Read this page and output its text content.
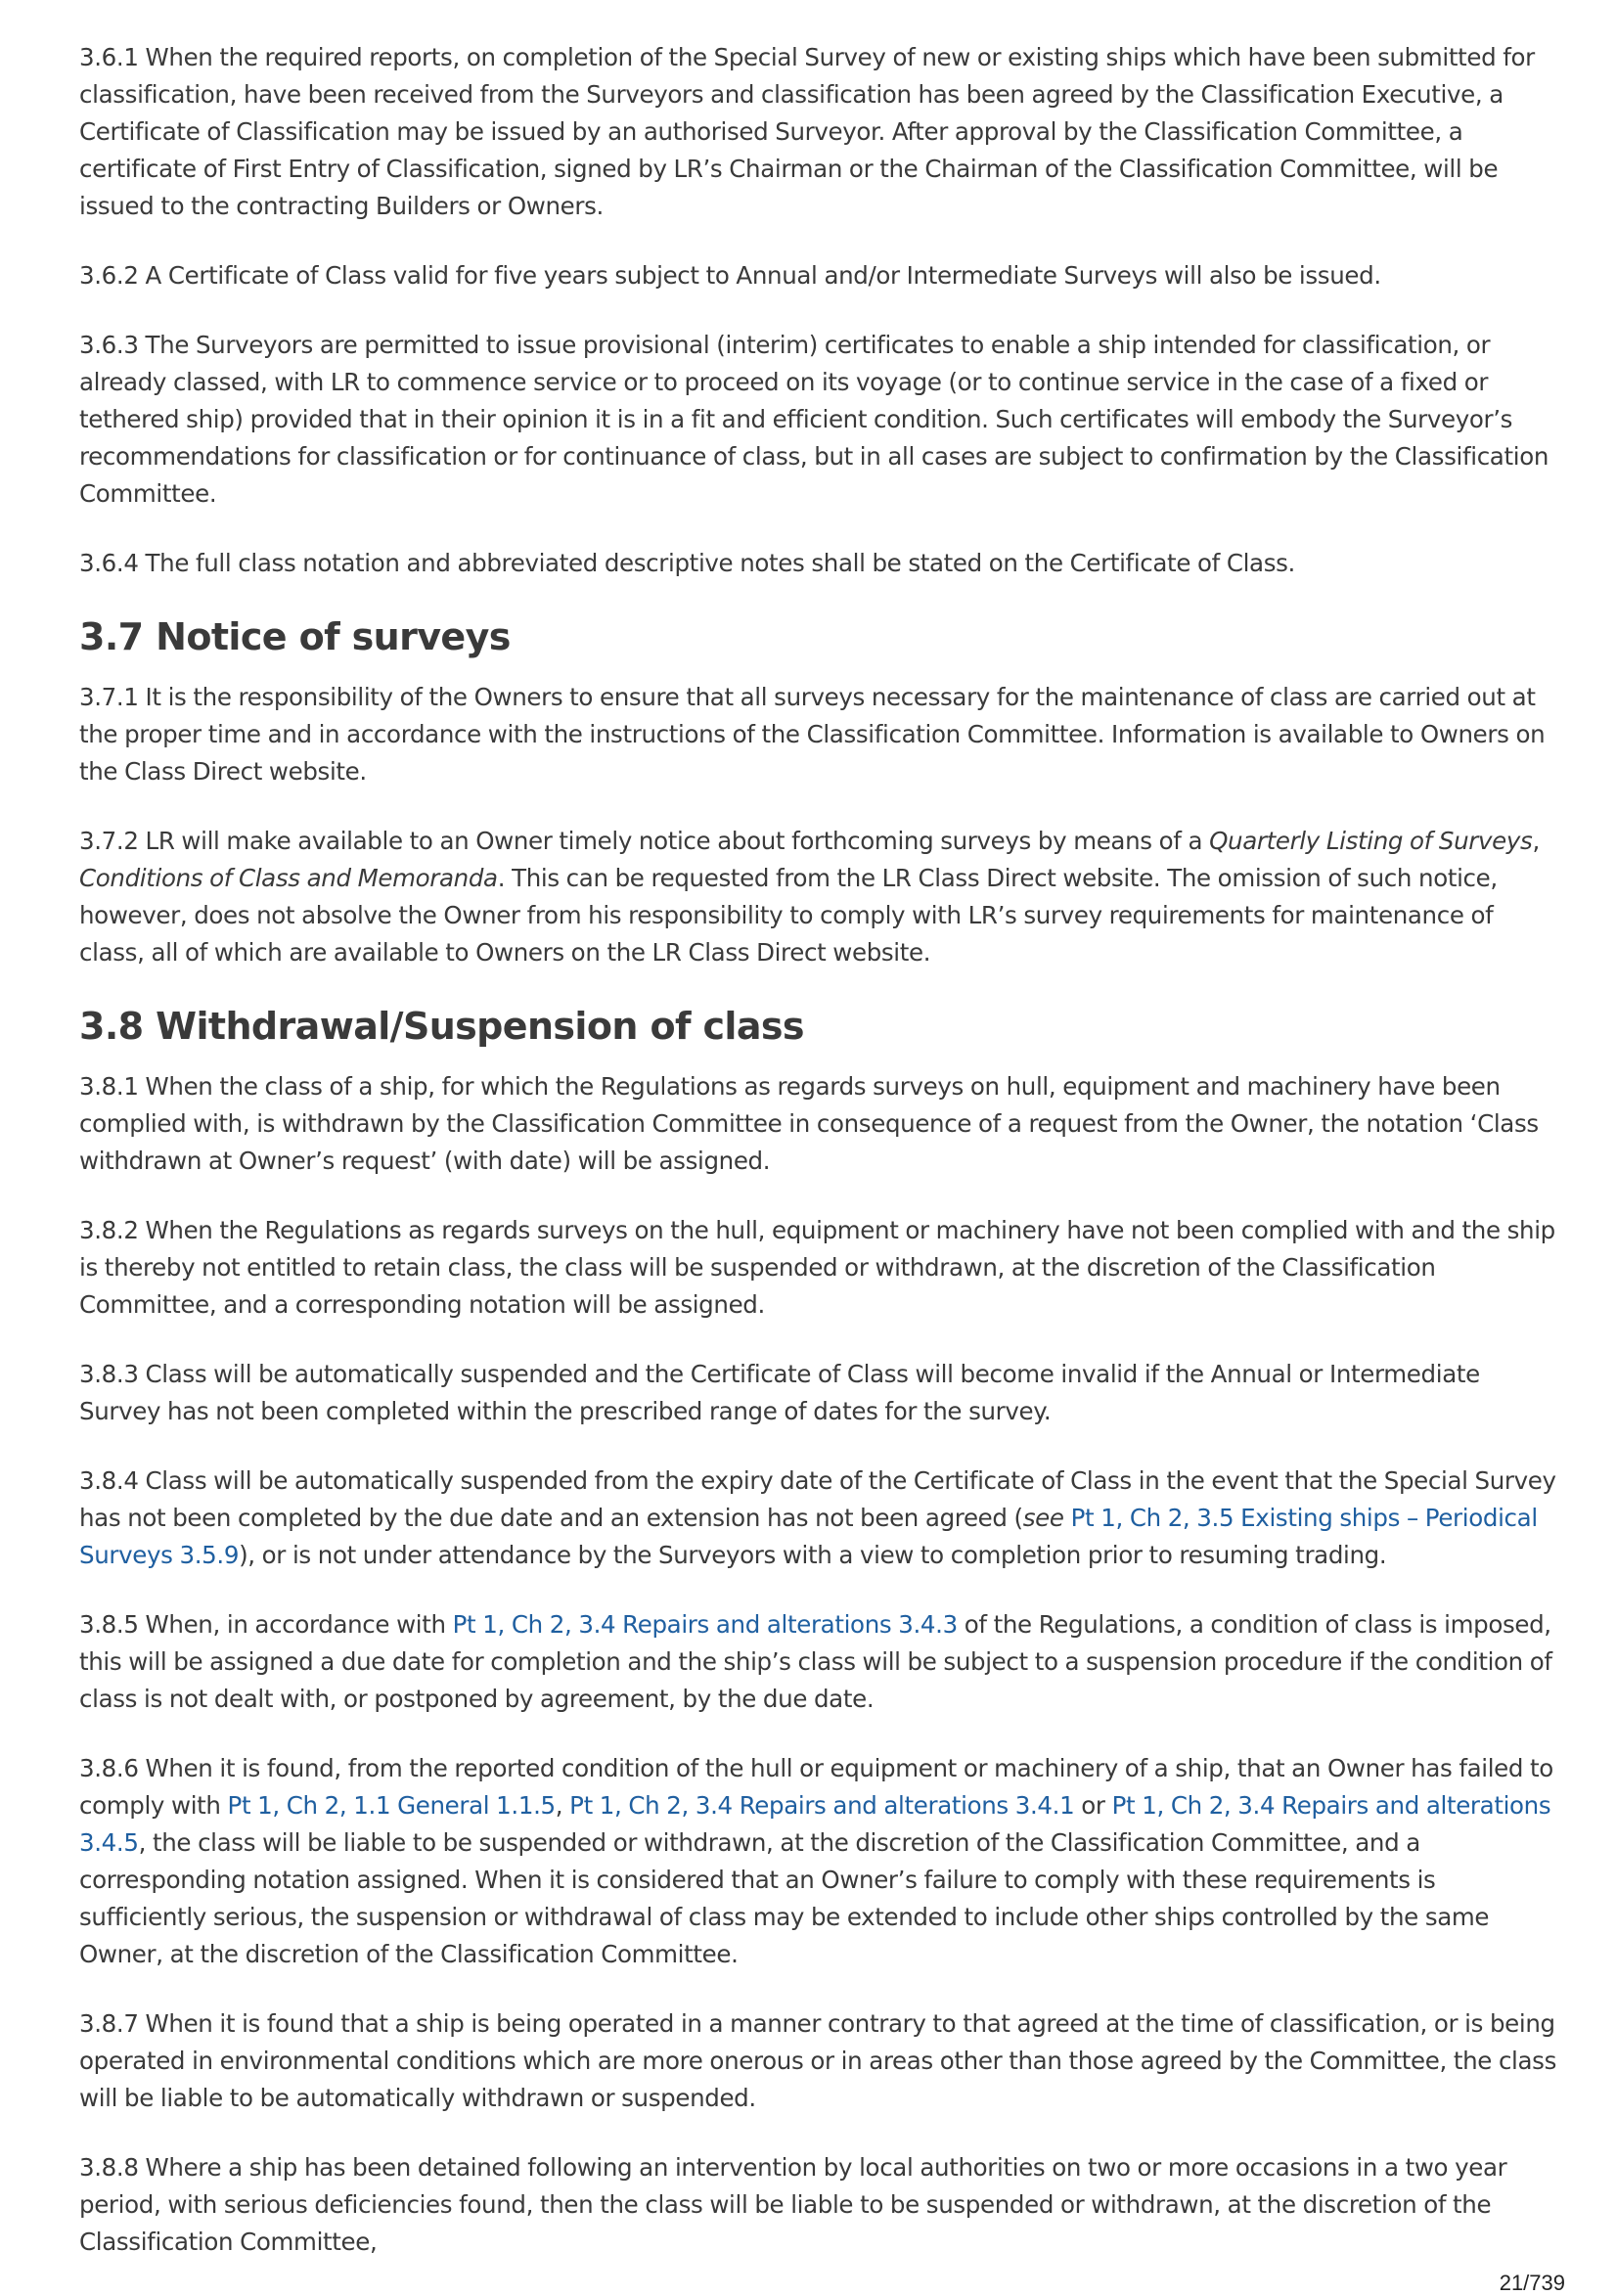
3.6.1 When the required reports, on completion of the Special Survey of new or existing ships which have been submitted for classification, have been received from the Surveyors and classification has been agreed by the Classification Executive, a Certificate of Classification may be issued by an authorised Surveyor. After approval by the Classification Committee, a certificate of First Entry of Classification, signed by LR’s Chairman or the Chairman of the Classification Committee, will be issued to the contracting Builders or Owners.

3.6.2 A Certificate of Class valid for five years subject to Annual and/or Intermediate Surveys will also be issued.

3.6.3 The Surveyors are permitted to issue provisional (interim) certificates to enable a ship intended for classification, or already classed, with LR to commence service or to proceed on its voyage (or to continue service in the case of a fixed or tethered ship) provided that in their opinion it is in a fit and efficient condition. Such certificates will embody the Surveyor’s recommendations for classification or for continuance of class, but in all cases are subject to confirmation by the Classification Committee.

3.6.4 The full class notation and abbreviated descriptive notes shall be stated on the Certificate of Class.

3.7 Notice of surveys

3.7.1 It is the responsibility of the Owners to ensure that all surveys necessary for the maintenance of class are carried out at the proper time and in accordance with the instructions of the Classification Committee. Information is available to Owners on the Class Direct website.

3.7.2 LR will make available to an Owner timely notice about forthcoming surveys by means of a Quarterly Listing of Surveys, Conditions of Class and Memoranda. This can be requested from the LR Class Direct website. The omission of such notice, however, does not absolve the Owner from his responsibility to comply with LR’s survey requirements for maintenance of class, all of which are available to Owners on the LR Class Direct website.

3.8 Withdrawal/Suspension of class

3.8.1 When the class of a ship, for which the Regulations as regards surveys on hull, equipment and machinery have been complied with, is withdrawn by the Classification Committee in consequence of a request from the Owner, the notation ‘Class withdrawn at Owner’s request’ (with date) will be assigned.

3.8.2 When the Regulations as regards surveys on the hull, equipment or machinery have not been complied with and the ship is thereby not entitled to retain class, the class will be suspended or withdrawn, at the discretion of the Classification Committee, and a corresponding notation will be assigned.

3.8.3 Class will be automatically suspended and the Certificate of Class will become invalid if the Annual or Intermediate Survey has not been completed within the prescribed range of dates for the survey.

3.8.4 Class will be automatically suspended from the expiry date of the Certificate of Class in the event that the Special Survey has not been completed by the due date and an extension has not been agreed (see Pt 1, Ch 2, 3.5 Existing ships – Periodical Surveys 3.5.9), or is not under attendance by the Surveyors with a view to completion prior to resuming trading.

3.8.5 When, in accordance with Pt 1, Ch 2, 3.4 Repairs and alterations 3.4.3 of the Regulations, a condition of class is imposed, this will be assigned a due date for completion and the ship’s class will be subject to a suspension procedure if the condition of class is not dealt with, or postponed by agreement, by the due date.

3.8.6 When it is found, from the reported condition of the hull or equipment or machinery of a ship, that an Owner has failed to comply with Pt 1, Ch 2, 1.1 General 1.1.5, Pt 1, Ch 2, 3.4 Repairs and alterations 3.4.1 or Pt 1, Ch 2, 3.4 Repairs and alterations 3.4.5, the class will be liable to be suspended or withdrawn, at the discretion of the Classification Committee, and a corresponding notation assigned. When it is considered that an Owner’s failure to comply with these requirements is sufficiently serious, the suspension or withdrawal of class may be extended to include other ships controlled by the same Owner, at the discretion of the Classification Committee.

3.8.7 When it is found that a ship is being operated in a manner contrary to that agreed at the time of classification, or is being operated in environmental conditions which are more onerous or in areas other than those agreed by the Committee, the class will be liable to be automatically withdrawn or suspended.

3.8.8 Where a ship has been detained following an intervention by local authorities on two or more occasions in a two year period, with serious deficiencies found, then the class will be liable to be suspended or withdrawn, at the discretion of the Classification Committee,

21/739
